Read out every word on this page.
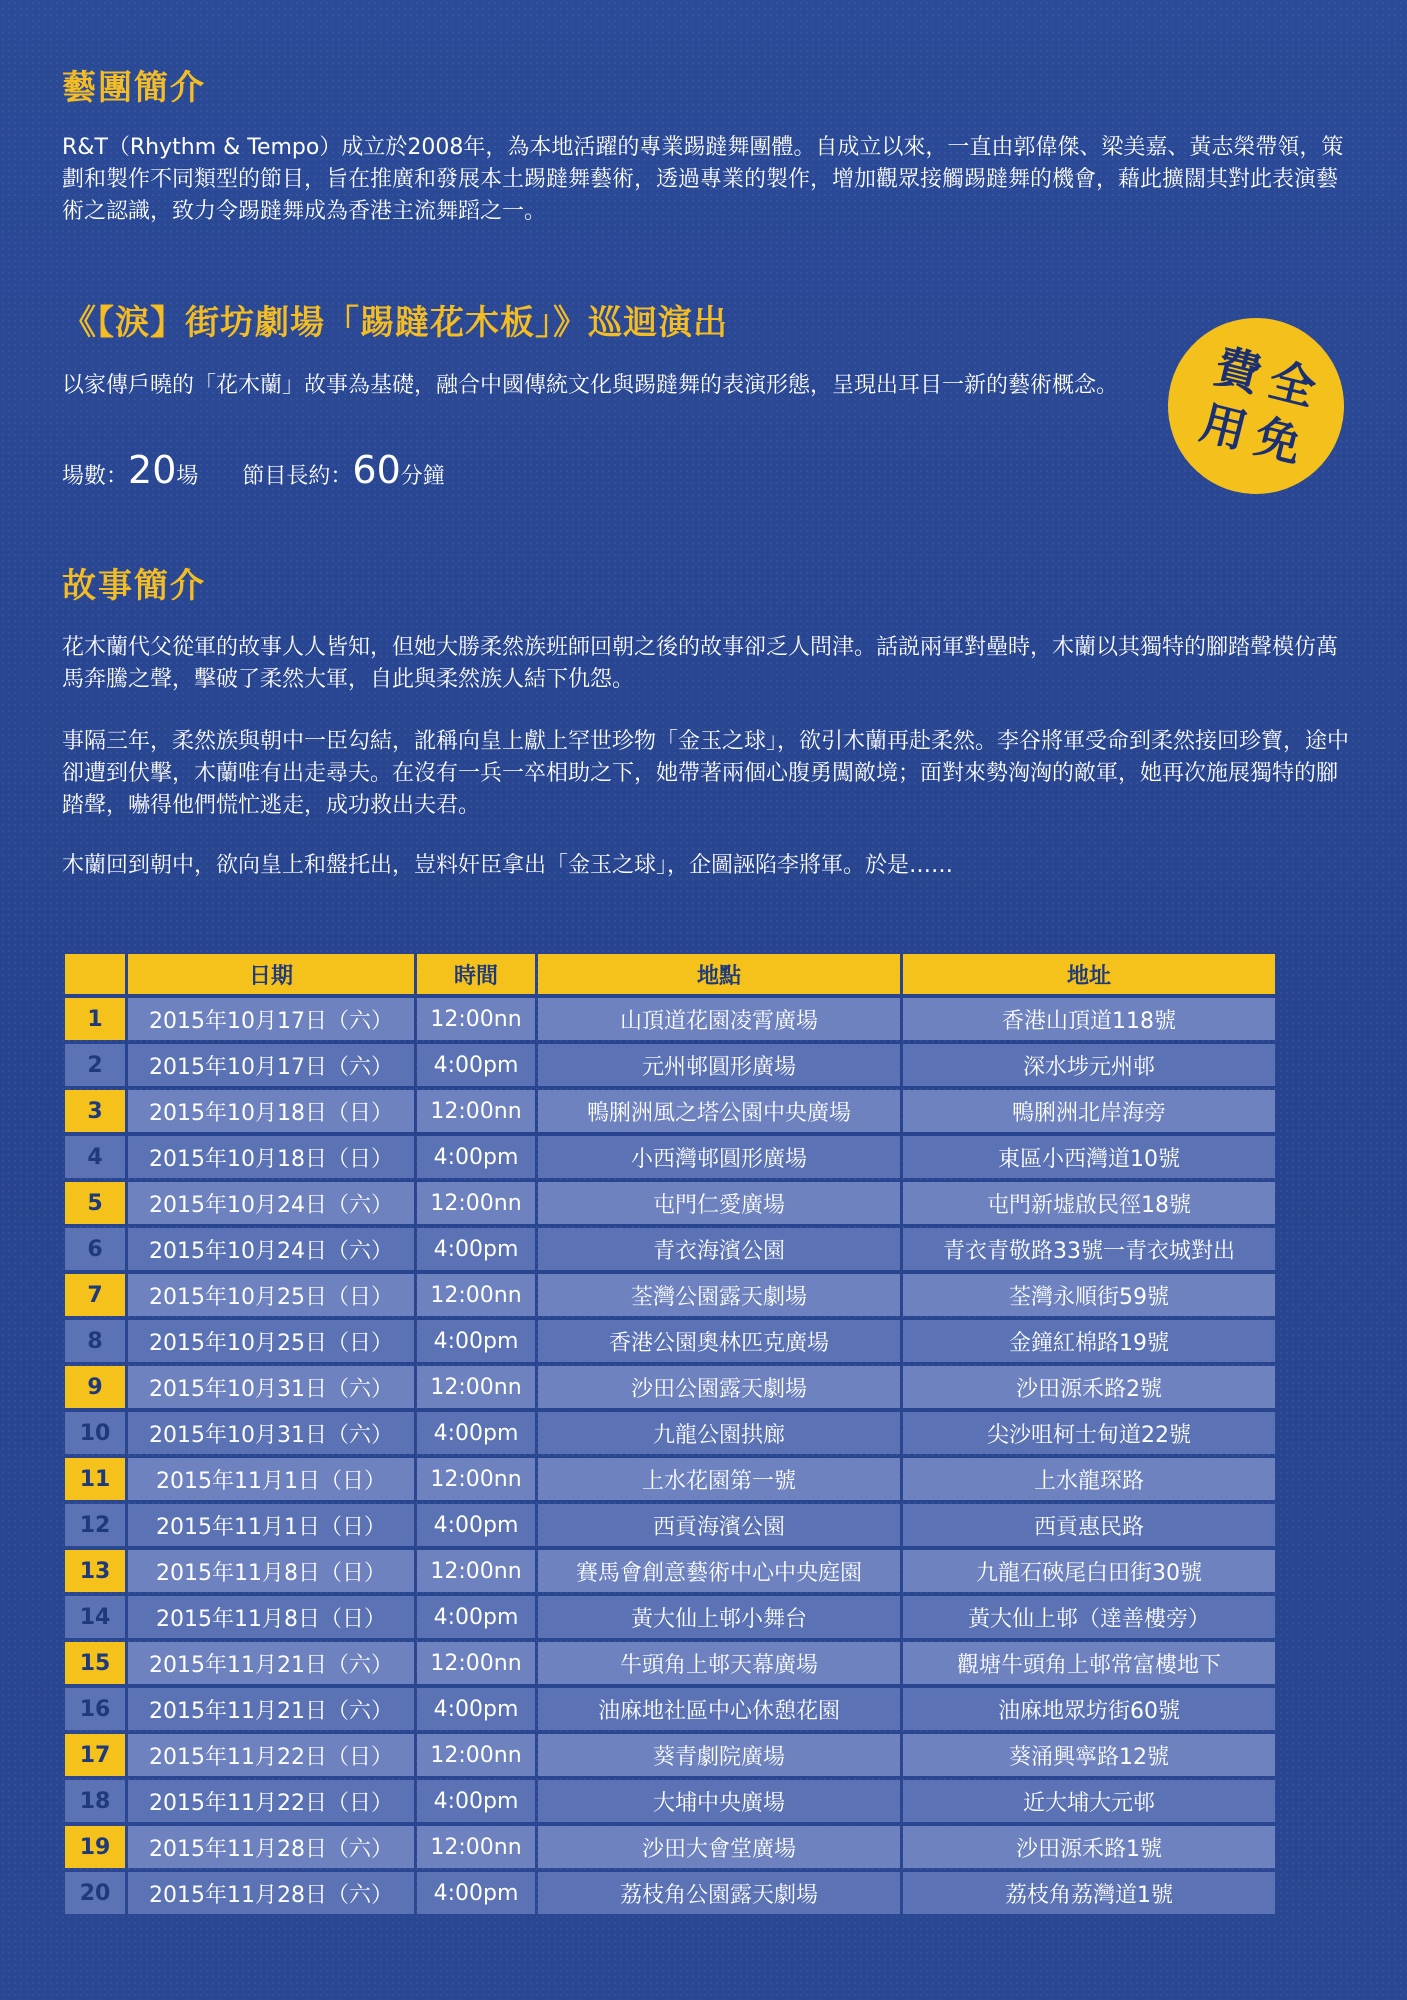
藝團簡介
R&T（Rhythm & Tempo）成立於2008年，為本地活躍的專業踢躂舞團體。自成立以來，一直由郭偉傑、梁美嘉、黃志榮帶領，策劃和製作不同類型的節目，旨在推廣和發展本土踢躂舞藝術，透過專業的製作，增加觀眾接觸踢躂舞的機會，藉此擴闊其對此表演藝術之認識，致力令踢躂舞成為香港主流舞蹈之一。
《【淚】街坊劇場「踢躂花木板」》巡迴演出
以家傳戶曉的「花木蘭」故事為基礎，融合中國傳統文化與踢躂舞的表演形態，呈現出耳目一新的藝術概念。
場數：20場 節目長約：60分鐘
費
全
用
免
故事簡介
花木蘭代父從軍的故事人人皆知，但她大勝柔然族班師回朝之後的故事卻乏人問津。話説兩軍對壘時，木蘭以其獨特的腳踏聲模仿萬馬奔騰之聲，擊破了柔然大軍，自此與柔然族人結下仇怨。
事隔三年，柔然族與朝中一臣勾結，訛稱向皇上獻上罕世珍物「金玉之球」，欲引木蘭再赴柔然。李谷將軍受命到柔然接回珍寶，途中卻遭到伏擊，木蘭唯有出走尋夫。在沒有一兵一卒相助之下，她帶著兩個心腹勇闖敵境；面對來勢洶洶的敵軍，她再次施展獨特的腳踏聲，嚇得他們慌忙逃走，成功救出夫君。
木蘭回到朝中，欲向皇上和盤托出，豈料奸臣拿出「金玉之球」，企圖誣陷李將軍。於是……
	日期	時間	地點	地址
1	2015年10月17日（六）	12:00nn	山頂道花園凌霄廣場	香港山頂道118號
2	2015年10月17日（六）	4:00pm	元州邨圓形廣場	深水埗元州邨
3	2015年10月18日（日）	12:00nn	鴨脷洲風之塔公園中央廣場	鴨脷洲北岸海旁
4	2015年10月18日（日）	4:00pm	小西灣邨圓形廣場	東區小西灣道10號
5	2015年10月24日（六）	12:00nn	屯門仁愛廣場	屯門新墟啟民徑18號
6	2015年10月24日（六）	4:00pm	青衣海濱公園	青衣青敬路33號一青衣城對出
7	2015年10月25日（日）	12:00nn	荃灣公園露天劇場	荃灣永順街59號
8	2015年10月25日（日）	4:00pm	香港公園奧林匹克廣場	金鐘紅棉路19號
9	2015年10月31日（六）	12:00nn	沙田公園露天劇場	沙田源禾路2號
10	2015年10月31日（六）	4:00pm	九龍公園拱廊	尖沙咀柯士甸道22號
11	2015年11月1日（日）	12:00nn	上水花園第一號	上水龍琛路
12	2015年11月1日（日）	4:00pm	西貢海濱公園	西貢惠民路
13	2015年11月8日（日）	12:00nn	賽馬會創意藝術中心中央庭園	九龍石硤尾白田街30號
14	2015年11月8日（日）	4:00pm	黃大仙上邨小舞台	黃大仙上邨（達善樓旁）
15	2015年11月21日（六）	12:00nn	牛頭角上邨天幕廣場	觀塘牛頭角上邨常富樓地下
16	2015年11月21日（六）	4:00pm	油麻地社區中心休憩花園	油麻地眾坊街60號
17	2015年11月22日（日）	12:00nn	葵青劇院廣場	葵涌興寧路12號
18	2015年11月22日（日）	4:00pm	大埔中央廣場	近大埔大元邨
19	2015年11月28日（六）	12:00nn	沙田大會堂廣場	沙田源禾路1號
20	2015年11月28日（六）	4:00pm	荔枝角公園露天劇場	荔枝角荔灣道1號
